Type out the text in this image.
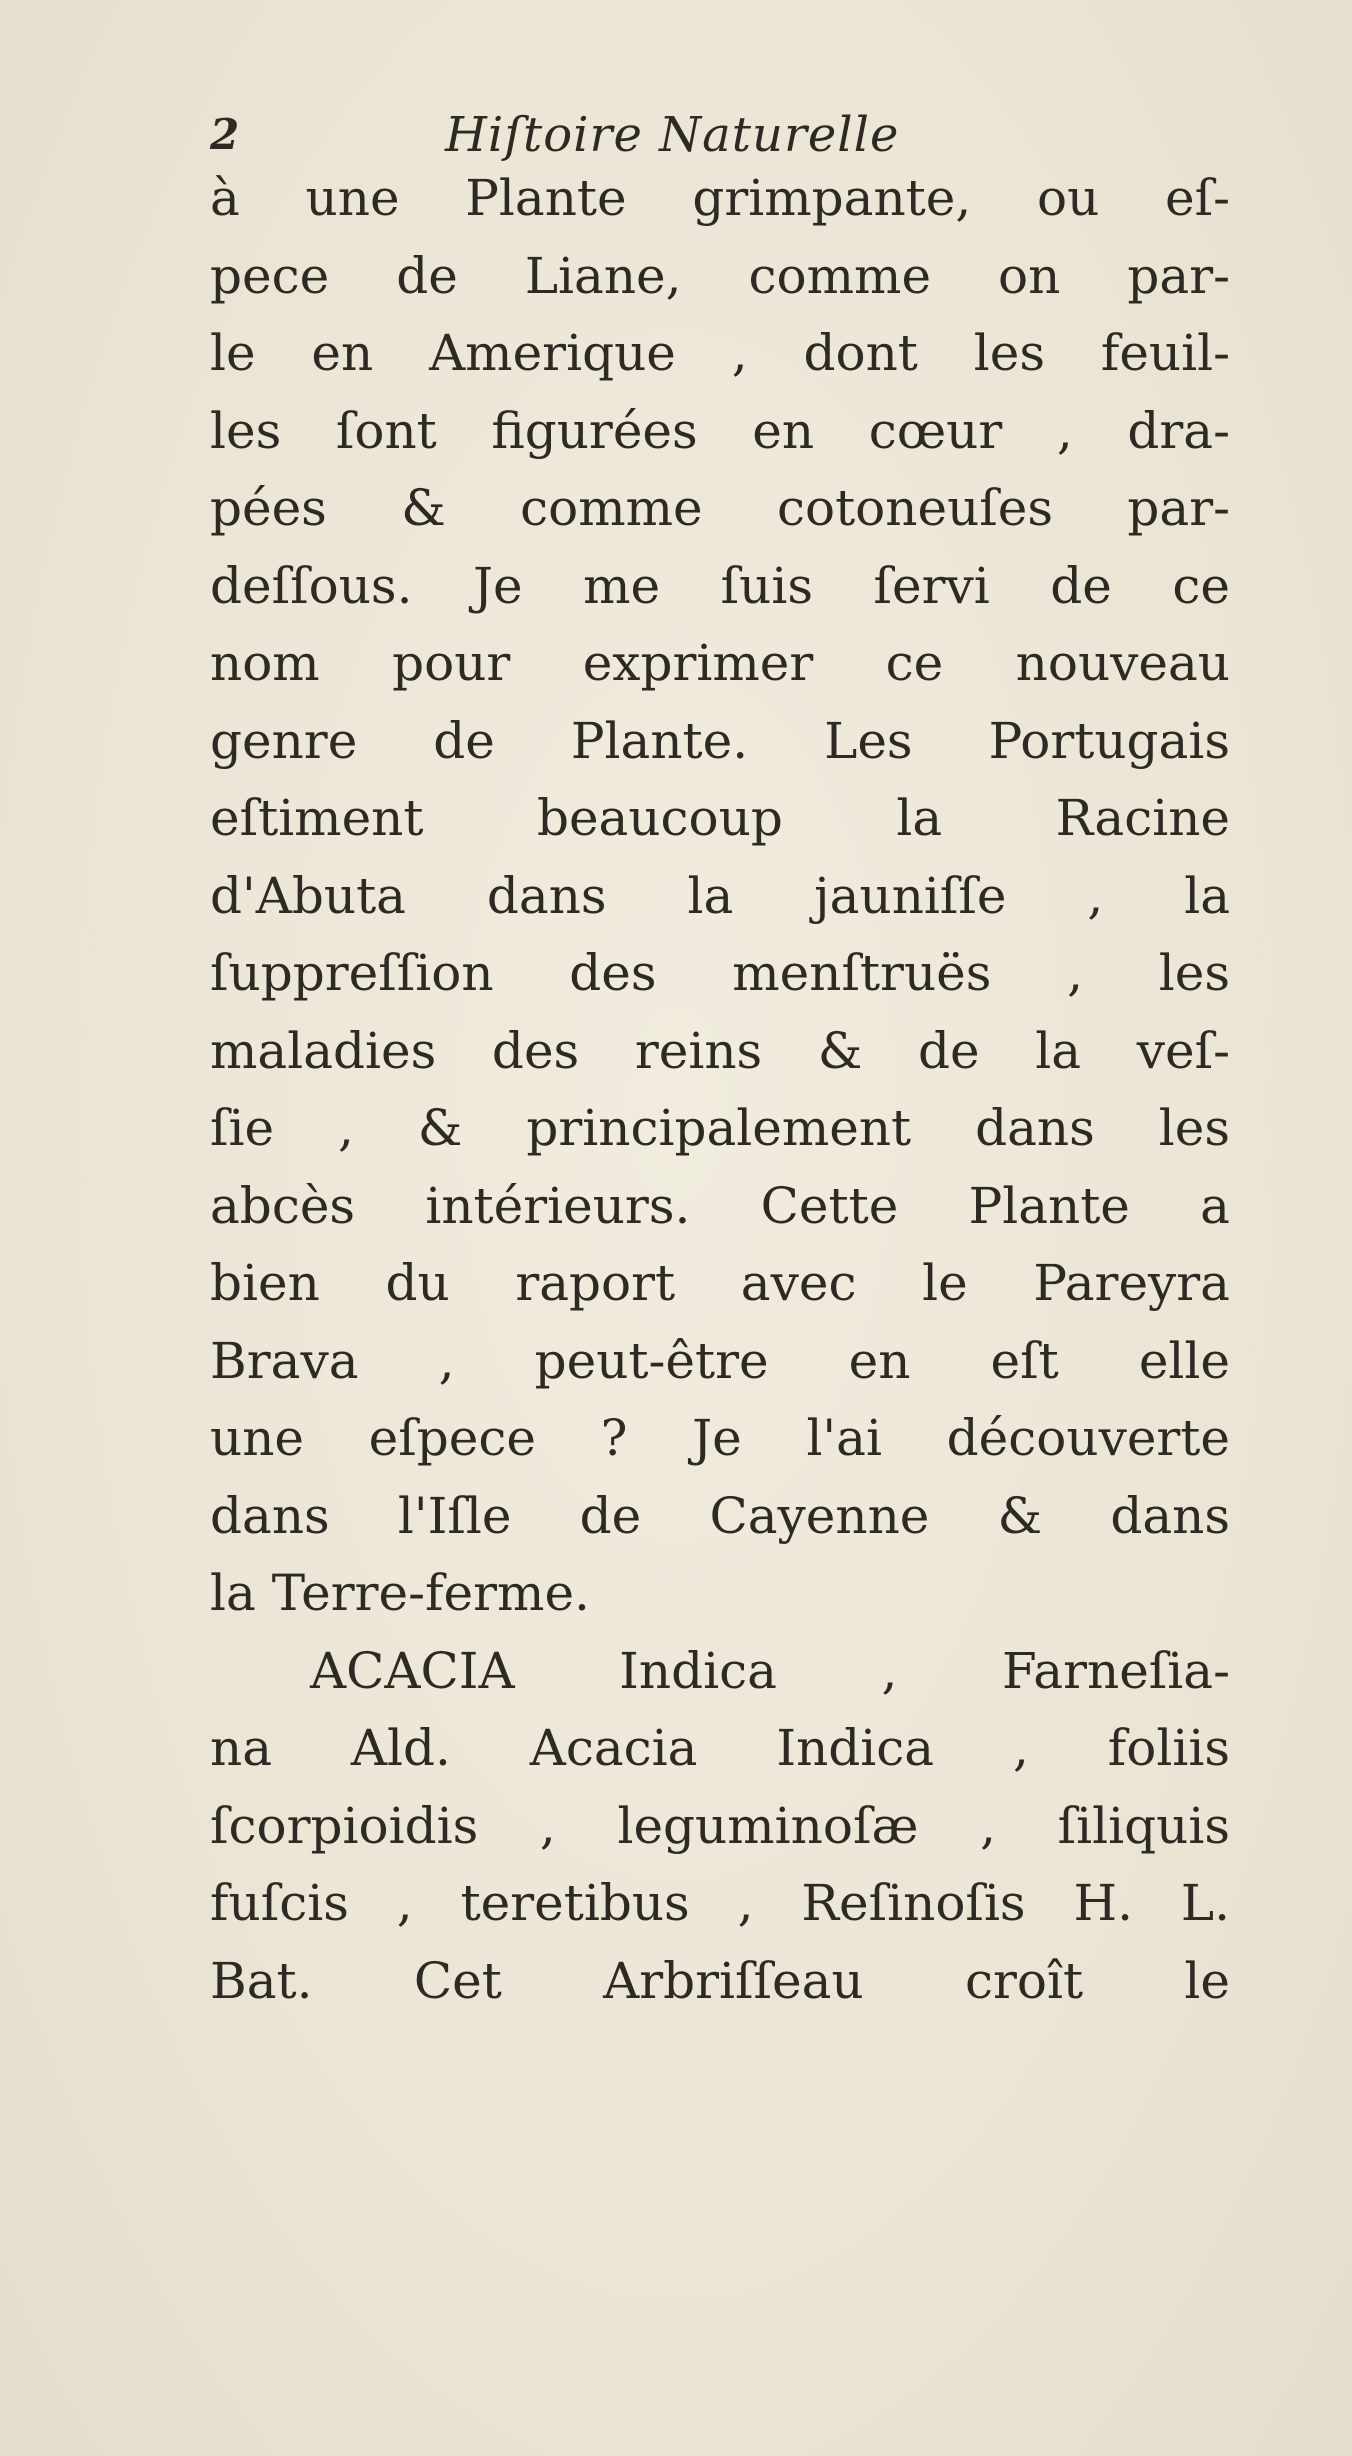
2	Hiſtoire Naturelle
à une Plante grimpante, ou eſ-
pece de Liane, comme on par-
le en Amerique , dont les feuil-
les ſont figurées en cœur , dra-
pées & comme cotoneuſes par-
deſſous. Je me ſuis ſervi de ce
nom pour exprimer ce nouveau
genre de Plante. Les Portugais
eſtiment beaucoup la Racine
d'Abuta dans la jauniſſe , la
ſuppreſſion des menſtruës , les
maladies des reins & de la veſ-
ſie , & principalement dans les
abcès intérieurs. Cette Plante a
bien du raport avec le Pareyra
Brava , peut-être en eſt elle
une eſpece ? Je l'ai découverte
dans l'Iſle de Cayenne & dans
la Terre-ferme.
ACACIA Indica , Farneſia-
na Ald. Acacia Indica , foliis
ſcorpioidis , leguminoſæ , ſiliquis
fuſcis , teretibus , Reſinoſis H. L.
Bat. Cet Arbriſſeau croît le
